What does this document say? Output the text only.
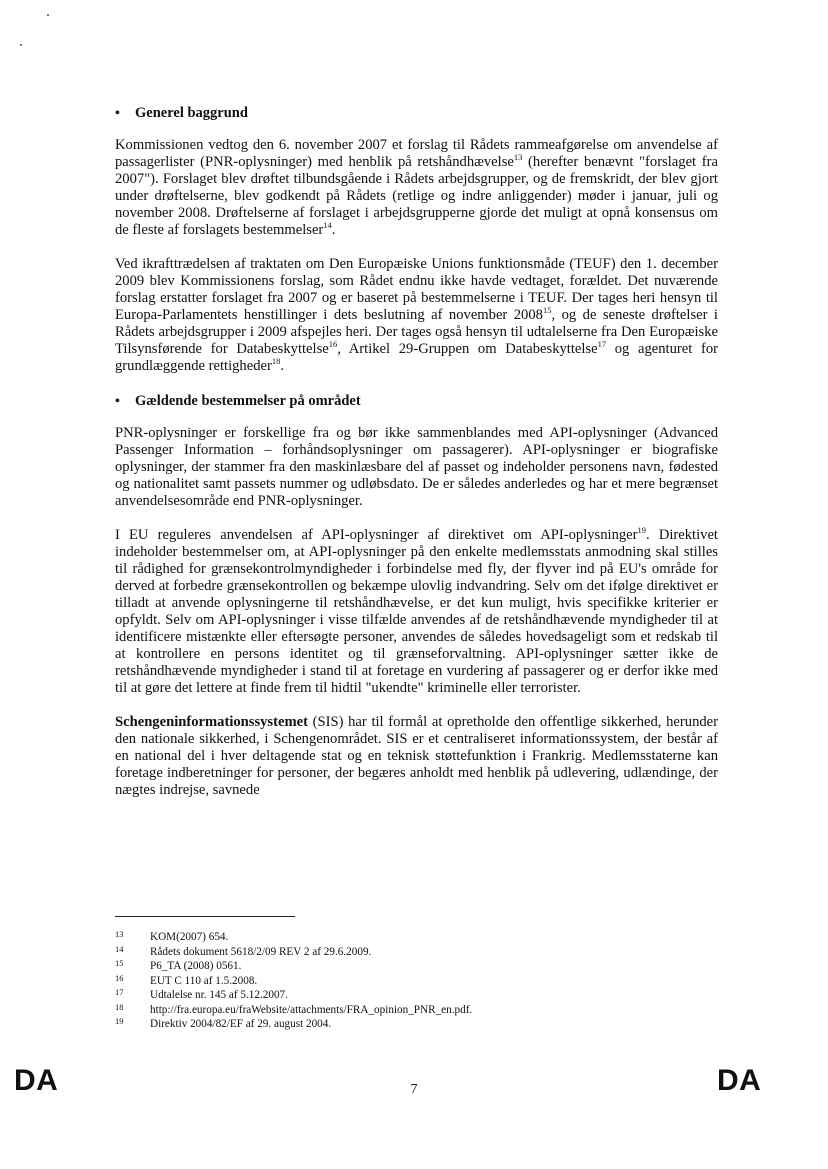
•	Generel baggrund

Kommissionen vedtog den 6. november 2007 et forslag til Rådets rammeafgørelse om anvendelse af passagerlister (PNR-oplysninger) med henblik på retshåndhævelse$^{13}$ (herefter benævnt "forslaget fra 2007"). Forslaget blev drøftet tilbundsgående i Rådets arbejdsgrupper, og de fremskridt, der blev gjort under drøftelserne, blev godkendt på Rådets (retlige og indre anliggender) møder i januar, juli og november 2008. Drøftelserne af forslaget i arbejdsgrupperne gjorde det muligt at opnå konsensus om de fleste af forslagets bestemmelser$^{14}$.

Ved ikrafttrædelsen af traktaten om Den Europæiske Unions funktionsmåde (TEUF) den 1. december 2009 blev Kommissionens forslag, som Rådet endnu ikke havde vedtaget, forældet. Det nuværende forslag erstatter forslaget fra 2007 og er baseret på bestemmelserne i TEUF. Der tages heri hensyn til Europa-Parlamentets henstillinger i dets beslutning af november 2008$^{15}$, og de seneste drøftelser i Rådets arbejdsgrupper i 2009 afspejles heri. Der tages også hensyn til udtalelserne fra Den Europæiske Tilsynsførende for Databeskyttelse$^{16}$, Artikel 29-Gruppen om Databeskyttelse$^{17}$ og agenturet for grundlæggende rettigheder$^{18}$.

•	Gældende bestemmelser på området

PNR-oplysninger er forskellige fra og bør ikke sammenblandes med API-oplysninger (Advanced Passenger Information – forhåndsoplysninger om passagerer). API-oplysninger er biografiske oplysninger, der stammer fra den maskinlæsbare del af passet og indeholder personens navn, fødested og nationalitet samt passets nummer og udløbsdato. De er således anderledes og har et mere begrænset anvendelsesområde end PNR-oplysninger.

I EU reguleres anvendelsen af API-oplysninger af direktivet om API-oplysninger$^{19}$. Direktivet indeholder bestemmelser om, at API-oplysninger på den enkelte medlemsstats anmodning skal stilles til rådighed for grænsekontrolmyndigheder i forbindelse med fly, der flyver ind på EU's område for derved at forbedre grænsekontrollen og bekæmpe ulovlig indvandring. Selv om det ifølge direktivet er tilladt at anvende oplysningerne til retshåndhævelse, er det kun muligt, hvis specifikke kriterier er opfyldt. Selv om API-oplysninger i visse tilfælde anvendes af de retshåndhævende myndigheder til at identificere mistænkte eller eftersøgte personer, anvendes de således hovedsageligt som et redskab til at kontrollere en persons identitet og til grænseforvaltning. API-oplysninger sætter ikke de retshåndhævende myndigheder i stand til at foretage en vurdering af passagerer og er derfor ikke med til at gøre det lettere at finde frem til hidtil "ukendte" kriminelle eller terrorister.

Schengeninformationssystemet (SIS) har til formål at opretholde den offentlige sikkerhed, herunder den nationale sikkerhed, i Schengenområdet. SIS er et centraliseret informationssystem, der består af en national del i hver deltagende stat og en teknisk støttefunktion i Frankrig. Medlemsstaterne kan foretage indberetninger for personer, der begæres anholdt med henblik på udlevering, udlændinge, der nægtes indrejse, savnede

13	KOM(2007) 654.
14	Rådets dokument 5618/2/09 REV 2 af 29.6.2009.
15	P6_TA (2008) 0561.
16	EUT C 110 af 1.5.2008.
17	Udtalelse nr. 145 af 5.12.2007.
18	http://fra.europa.eu/fraWebsite/attachments/FRA_opinion_PNR_en.pdf.
19	Direktiv 2004/82/EF af 29. august 2004.
DA	7	DA
